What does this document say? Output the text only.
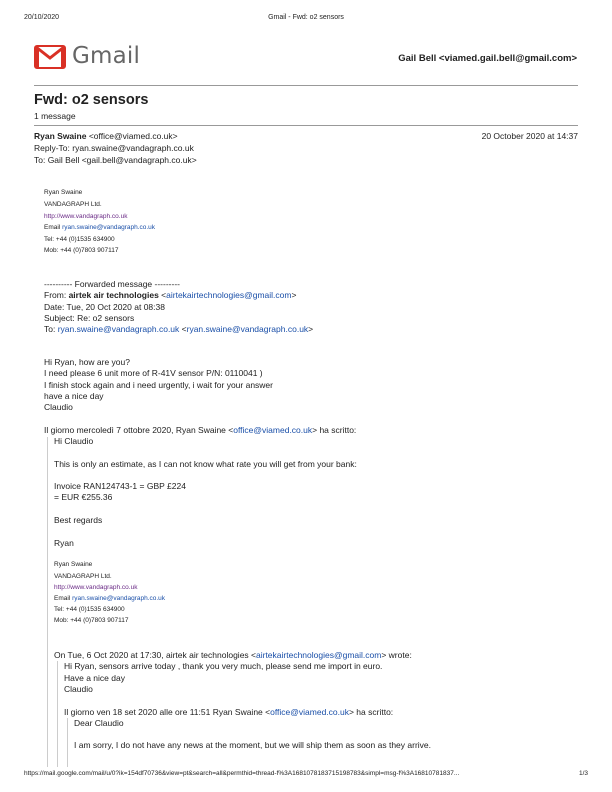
20/10/2020	Gmail - Fwd: o2 sensors
Gmail	Gail Bell <viamed.gail.bell@gmail.com>
Fwd: o2 sensors
1 message
Ryan Swaine <office@viamed.co.uk>	20 October 2020 at 14:37
Reply-To: ryan.swaine@vandagraph.co.uk
To: Gail Bell <gail.bell@vandagraph.co.uk>
Ryan Swaine
VANDAGRAPH Ltd.
http://www.vandagraph.co.uk
Email ryan.swaine@vandagraph.co.uk
Tel: +44 (0)1535 634900
Mob: +44 (0)7803 907117
---------- Forwarded message ---------
From: airtek air technologies <airtekairtechnologies@gmail.com>
Date: Tue, 20 Oct 2020 at 08:38
Subject: Re: o2 sensors
To: ryan.swaine@vandagraph.co.uk <ryan.swaine@vandagraph.co.uk>
Hi Ryan, how are you?
I need please 6 unit more of R-41V sensor P/N: 0110041 )
I finish stock again and i need urgently, i wait for your answer
have a nice day
Claudio
Il giorno mercoledì 7 ottobre 2020, Ryan Swaine <office@viamed.co.uk> ha scritto:
Hi Claudio
This is only an estimate, as I can not know what rate you will get from your bank:
Invoice RAN124743-1 = GBP £224
= EUR €255.36
Best regards
Ryan
Ryan Swaine
VANDAGRAPH Ltd.
http://www.vandagraph.co.uk
Email ryan.swaine@vandagraph.co.uk
Tel: +44 (0)1535 634900
Mob: +44 (0)7803 907117
On Tue, 6 Oct 2020 at 17:30, airtek air technologies <airtekairtechnologies@gmail.com> wrote:
Hi Ryan, sensors arrive today , thank you very much, please send me import in euro.
Have a nice day
Claudio
Il giorno ven 18 set 2020 alle ore 11:51 Ryan Swaine <office@viamed.co.uk> ha scritto:
Dear Claudio
I am sorry, I do not have any news at the moment, but we will ship them as soon as they arrive.
https://mail.google.com/mail/u/0?ik=154df70736&view=pt&search=all&permthid=thread-f%3A1681078183715198783&simpl=msg-f%3A16810781837...	1/3
